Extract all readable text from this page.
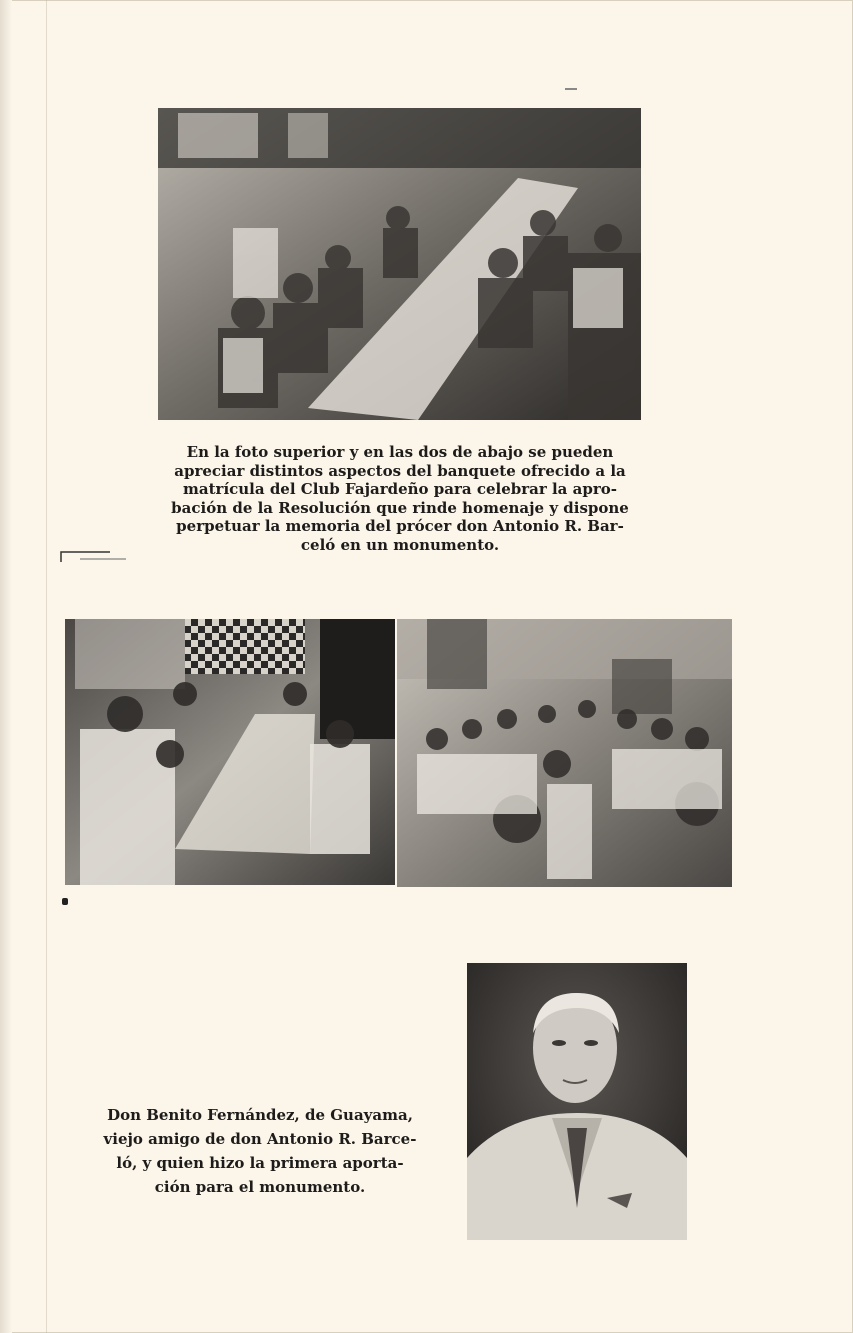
En la foto superior y en las dos de abajo se pueden
apreciar distintos aspectos del banquete ofrecido a la
matrícula del Club Fajardeño para celebrar la apro-
bación de la Resolución que rinde homenaje y dispone
perpetuar la memoria del prócer don Antonio R. Bar-
celó en un monumento.
Don Benito Fernández, de Guayama,
viejo amigo de don Antonio R. Barce-
ló, y quien hizo la primera aporta-
ción para el monumento.
